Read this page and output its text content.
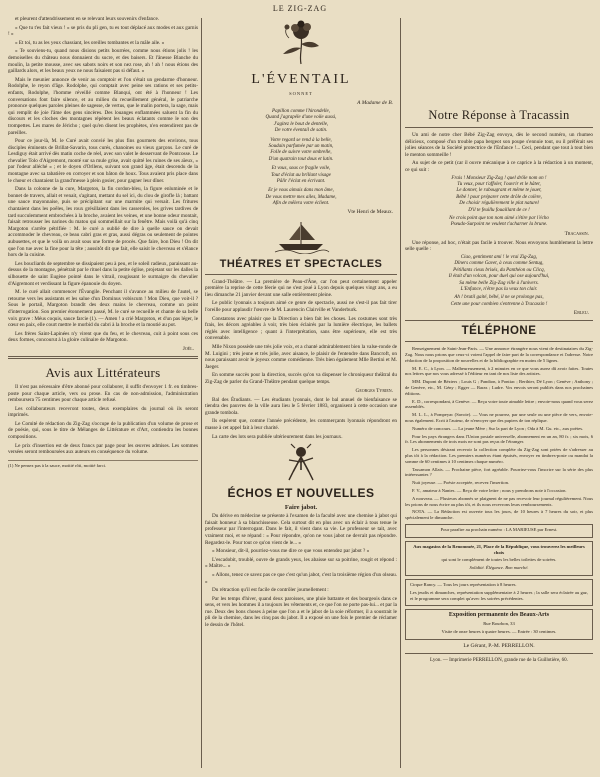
LE ZIG-ZAG

et pleurent d'attendrissement en se relevant leurs souvenirs d'enfance.

« Que tu t'es fait vieux ! » se pris du pli gen, tu es tout déplacé aux modes et aux garnis ! »

« Et toi, tu as les yeux chassiant, les oreilles tombantes et la mâle aile. »

« Te souviens-tu, quand nous disions petits bourrées, comme nous étions jolis ! les demoiselles du château nous donnaient du sucre, et des baisers. Et l'ânesse Blanche du moulin, la petite mousse, avec ses sabots noirs et son nez rose, ah ! ah ! nous étions des gaillards alors, et les beaux yeux ne nous faisaient pas si défaut. »

Mais le meunier annonce de venir au comptoir et l'on s'était un gendarme d'honneur. Rodolphe, le reyon d'âge. Rodolphe, qui comptait avec peine ses rations et ses petits-enfants, Rodolphe, l'homme réveillé comme Blanqui, ont été à l'honneur ! Les conversations font faire silence, et au milieu du recueillement général, le patriarche prononce quelques paroles pleines de sagesse, de vertus, que le malin portera, la sage, mais qui remplit de joie l'âme des gens sincères. Des louanges enflammées saluent la fin du discours et les cloches des montagnes répètent les beaux éclatants comme le son des trompettes. Les mares de Jéricho ; quel qu'en disent les prophètes, n'en entendirent pas de pareilles.

Pour ce jour-là, M. le Curé avait convié les plus fins gourmets des environs, tous disciples éminents de Brillat-Savarin, tous curés, chanoines ou vieux garçons. Le curé de Lesdiguy était arrivé dès matin coche de réel, avec son valet le desservant de Pontcosse. Le chevalier Tolo d'Aigremont, monté sur sa mule grise, avait quitté les ruines de ses aïeux, « par l'odeur alléché » ; et le doyen d'Orllens, suivant son grand âge, était descendu de la montagne avec sa tabatière en corroyer et son bâton de houx. Tous avaient pris place dans le chœur et chantaient la grand'messe à plein gosier, pour gagner leur dîner.

Dans la colonne de la cure, Margoton, la fin cordon-bleu, la figure enluminée et le bonnet de travers, allait et venait, s'agitant, mettant du sel ici, du clou de girofle là ; battant une sauce mayonnaise, puis se précipitant sur une marmite qui versait. Les fritures chantaient dans les poêles, les roux grésillaient dans les casseroles, les grives tardives de tard succulemment embrochées à la broche, avaient les veines, et une bonne odeur montait, faisait retrousser les narines du matou qui sommeillait sur la fenêtre. Mais voilà qu'à cinq Margoton s'arrête pétrifiée : M. le curé a oublié de dire à quelle sauce on devait accommoder le chevreau, ce beau cabri gras et gras, aussi dégras ou seulement de pointes aubusettes, et que le voilà on avait sous une forme de procès. Que faire, bon Dieu ! On dit que l'on tue avec la fine pour la tête ; aussitôt dit que fait, elle saisit le chevreau et s'élance hors de la cuisine.

Les boucliards de septembre se dissipaient peu à peu, et le soleil radieux, paraissant au-dessus de la montagne, pénétrait par le rituel dans la petite église, projetant sur les dalles la silhouette de saint Eugène pointé dans le vitrail, rougissant le surmaigre du chevalier d'Aigremont et verdissant la figure épanouie du doyen.

M. le curé allait commencer l'Évangile. Penchant il s'avance au milieu de l'autel, se retourne vers les assistants et les salue d'un Dominus vobiscum ! Mon Dieu, que voit-il ? Sous le portail, Margoton brandit des deux mains le chevreau, comme un point d'interrogation. Son premier étonnement passé, M. le curé se recueille et chante de sa belle voix grave : Méus coquis, sauce farcie (1). — Amen ! a crié Margoton, et d'un pas léger, le cœur en paix, elle court mettre le morbid du cabri à la broche et la moutié au pot.

Les frères Saint-Lapinées n'y virent que du feu, et le chevreau, cuit à point sous ces deux formes, concourut à la gloire culinaire de Margoton.

Joël.
Avis aux Littérateurs

Il n'est pas nécessaire d'être abonné pour collaborer, il suffit d'envoyer 1 fr. en timbres-poste pour chaque article, vers ou prose. En cas de non-admission, l'administration remboursera 75 centimes pour chaque article refusé.

Les collaborateurs recevront toutes, deux exemplaires du journal où ils seront imprimés.

Le Comité de rédaction du Zig-Zag s'occupe de la publication d'un volume de prose et de poésie, qui, sous le titre de Mélanges de Littérature et d'Art, contiendra les bonnes compositions.

Le prix d'insertion est de deux francs par page pour les œuvres admises. Les sommes versées seront remboursées aux auteurs en conséquence du volume.

(1) Ne pensez pas à la sauce, moitié rôti, moitié farci.
L'ÉVENTAIL
SONNET
A Madame de B.

Papillon comme l'hirondelle,

Quand j'agrapéle d'une voile aussi,

J'agitez le bout de dentelle,

De votre éventail de satin.

Votre regard se rend à la belle,

Soudain parfumée par un matin,

Folle de suivre votre ombrelle,

D'un quatrain tout doux et lutin.

Et vous, sous ce fragile voile,

Tout d'éclat au brillant visage

Pâlir l'éclat en écrivant.

Et je vous aimais dans mon âme,

De vous mettre mes ailes, Madame,

Afin de mêlera votre éclient.

Vte Henri de Meaux.
THÉATRES ET SPECTACLES

Grand-Théâtre. — La première de Peau-d'Âne, car l'on peut certainement appeler première la reprise de cette féerie qui ne s'est joué à Lyon depuis quelques vingt ans, a eu lieu dimanche 21 janvier devant une salle entièrement pleine.

Le public lyonnais a toujours aimé ce genre de spectacle, aussi ne s'est-il pas fait tirer l'oreille pour applaudir l'œuvre de M. Laurencin Clairville et Vanderburk.

Constatons avec plaisir que la Direction a bien fait les choses. Les costumes sont très frais, les décors agréables à voir, très bien éclairés par la lumière électrique, les ballets réglés avec intelligence ; quant à l'interprétation, sans être supérieure, elle est très convenable.

Mlle Nixon possède une très jolie voix, et a chanté admirablement bien la valse-ronde de M. Luigini ; très jeune et très jolie, avec aisance, le plaisir de l'entendre dans Bancroft, on nous paraissant avoir le joyeux comme comédienne. Très bien également Mlle Bertini et M. Jaeger.

En somme succès pour la direction, succès qu'on va dispenser le chroniqueur théâtral du Zig-Zag de parler du Grand-Théâtre pendant quelque temps.

Georges Tyrien.

Bal des Étudiants. — Les étudiants lyonnais, dont le bal annuel de bienfaisance se tiendra des pauvres de la ville aura lieu le 5 février 1883, organisent à cette occasion une grande tombola.

Ils espèrent que, comme l'année précédente, les commerçants lyonnais répondront en masse à cet appel fait à leur charité.

La carte des lots sera publiée ultérieurement dans les journaux.

ÉCHOS ET NOUVELLES
Faire jabot.

Du dérive en médecine se présente à l'examen de la faculté avec une chemise à jabot qui faisait honneur à sa blanchisseuse. Cela surtout dit en plus avec un éclair à tous tenue le professeur par l'interrogant. Dans le fait, il vient dans sa vie. Le professeur se tait, avec vraiment moi, et se répand : « Pour répondre, qu'on ne vous jabot ne devrait pas répondre. Regardez-le. Pour tout ce qu'on vient de le... »

« Monsieur, dit-il, pourriez-vous me dire ce que vous entendez par jabot ? »

L'escadobit, troublé, ouvre de grands yeux, les abaisse sur sa poitrine, rougit et répond : « Maître... »

« Allons, tenez ce savez pas ce que c'est qu'un jabot, c'est la troisième région d'un olseau. »

Du rétraction qu'il est facile de contrôler journellement :

Par les temps d'hiver, quand deux paroisses, une pluie battante et des bourgeois dans ce sens, et vers les hommes il a toujours les vêtements et, ce que l'on ne porte pas-lui... et par la rue. Deux des bons choses à peine que l'on a et le jabot de la soie réformer, il a soustrait le pli de la chemise, dans les cinq pas du jabot. Il a exposé on une fois le premier de réclamer le dessin de l'hôtel.

Notre Réponse à Tracassin

Un ami de notre cher Bébé Zig-Zag envoya, dès le second numéro, un rhumeo délicieux, composé d'un trouble papa bergeot son poupe s'ennuie tout, ou il préférait ses jolies séances de la Société protectrice de l'Enfance !... Ceci, pendant que tout à tout bien le menton sommeille !

Au sujet de ce petit (car il ouvre mécanique à ce caprice à la rédaction à un moment, ce qui suit :

Frais ! Monsieur Zig-Zag ! quel drôle nom on !

Tu veux, pour t'affoler, l'ouvrir et le hâter,

Le donner, le rabougrant et même te jouer,

Bébé ! pour préparer cette drôle de colère,

De choisir régulièrement le plat naturel

D'il te feuillu fouaillant de ce !

Ne crois point que ton nom aimé s'étire par l'écho

Pseudo-Surpoint ne veulent t'acharner la brune.

Tracassin.

Une réponse, ad hoc, n'était pas facile à trouver. Nous envoyons humblement la lettre selle quelle :

Ciao, gentiment ami ! le vrai Zig-Zag,

Dîners comme Gavet, à ceux comme Sentug,

Pétillants cieux brisés, du Panthéon ou Clicq,

Il était d'un volcan, pour duel qui ose aujourd'hui,

Sa même belle Zig-Zag ville à l'univers.

L'Enfance, n'être pas lu veux ton clair.

Ah ! brutil gaité, bébé, il ne se prolonge pas,

Cette une pour combien s'entrenne à Tracassin !

Ebleu.
TÉLÉPHONE

Renseignement de Saint-Jean-Paris. — Une annonce étrangère nous vient de destinataires du Zig-Zag. Nous nous prions que ceux-ci voient l'appel de faire part de la correspondance et l'adresse. Notre rédaction de la proposition de nouvelles et de la bibliographie en moins de 5 lignes.

M. E. C., à Lyon. — Malheureusement, à 2 minutes en ce que vous aurez dû avoir faites. Toutes nos lettres que nos vous adressé à l'éditeur en tant de nos liste des artistes.

MM. Dupont de Béziers ; Louis G ; Pandion, à Pontiac ; Berthier, Dé Lyon ; Genève ; Anthony ; de Genève, etc., M. Gény ; Egger — Baras ; Ludre. Vos envois seront publiés dans nos prochaines éditions.

E. D., correspondant, à Genève. — Reçu votre toute aimable lettre ; envoie-nous quand vous serez assemblés.

M. L. L., à Pompeyac (Savoie). — Vous ne pourrez, par une seule ou une pièce de vers, envoie-nous également. Ecrit à l'auteur, de n'envoyer que des papiers de ton réplique.

Numéro de concours. — La jeune Mère ; Sur la part de Lyon ; Oda à M. Gu. etc., aux poètes.

Pour les pays étrangers dans l'Union postale universelle, abonnement en un an, 80 fr. ; six mois, 6 fr. Les abonnements de trois mois ne sont pas reçus de l'étranger.

Les personnes désirant recevoir la collection complète du Zig-Zag sont priées de s'adresser au plus tôt à la rédaction. Les premiers numéros étant épuisés, envoyer en timbres-poste ou mandat la somme de 60 centimes à 10 centimes chaque numéro.

Tassamon Allais. — Prochaine pièce, fort agréable. Pourriez-vous l'inscrire sur la série des plus intéressantes ?

Nuit joyeuse. — Poésie acceptée, recevez l'insertion.

F. V., amateur à Nantes. — Reçu de votre lettre ; nous y prendrons note à l'occasion.

A nouveau. — Plusieurs abonnés se plaignent de ne pas recevoir leur journal régulièrement. Nous les prions de nous écrire au plus tôt, et ils nous recevrons leurs remboursements.

NOTA. — La Rédaction est ouverte tous les jours, de 10 heures à 7 heures du soir, et plus spécialement le dimanche.

Pour paraître au prochain numéro : LA MARIEUSE par Ernest.

Aux magasins de la Renommée, 21, Place de la République, vous trouverez les meilleurs choix

qui sont le complément de toutes les belles toilettes de soirées.

Solidité. Élégance. Bon marché.

Cirque Rancy. — Tous les jours représentation à 8 heures.

Les jeudis et dimanches, représentation supplémentaire à 2 heures ; la salle sera éclairée au gaz, et le programme sera complet qu'avec les soirées précédentes.

Exposition permanente des Beaux-Arts

Rue Bourbon, 33

Visite de onze heures à quatre heures. — Entrée : 30 centimes.

Le Gérant, P.-M. PERRELLON.
Lyon. — Imprimerie PERRELLON, grande rue de la Guillotière, 60.
